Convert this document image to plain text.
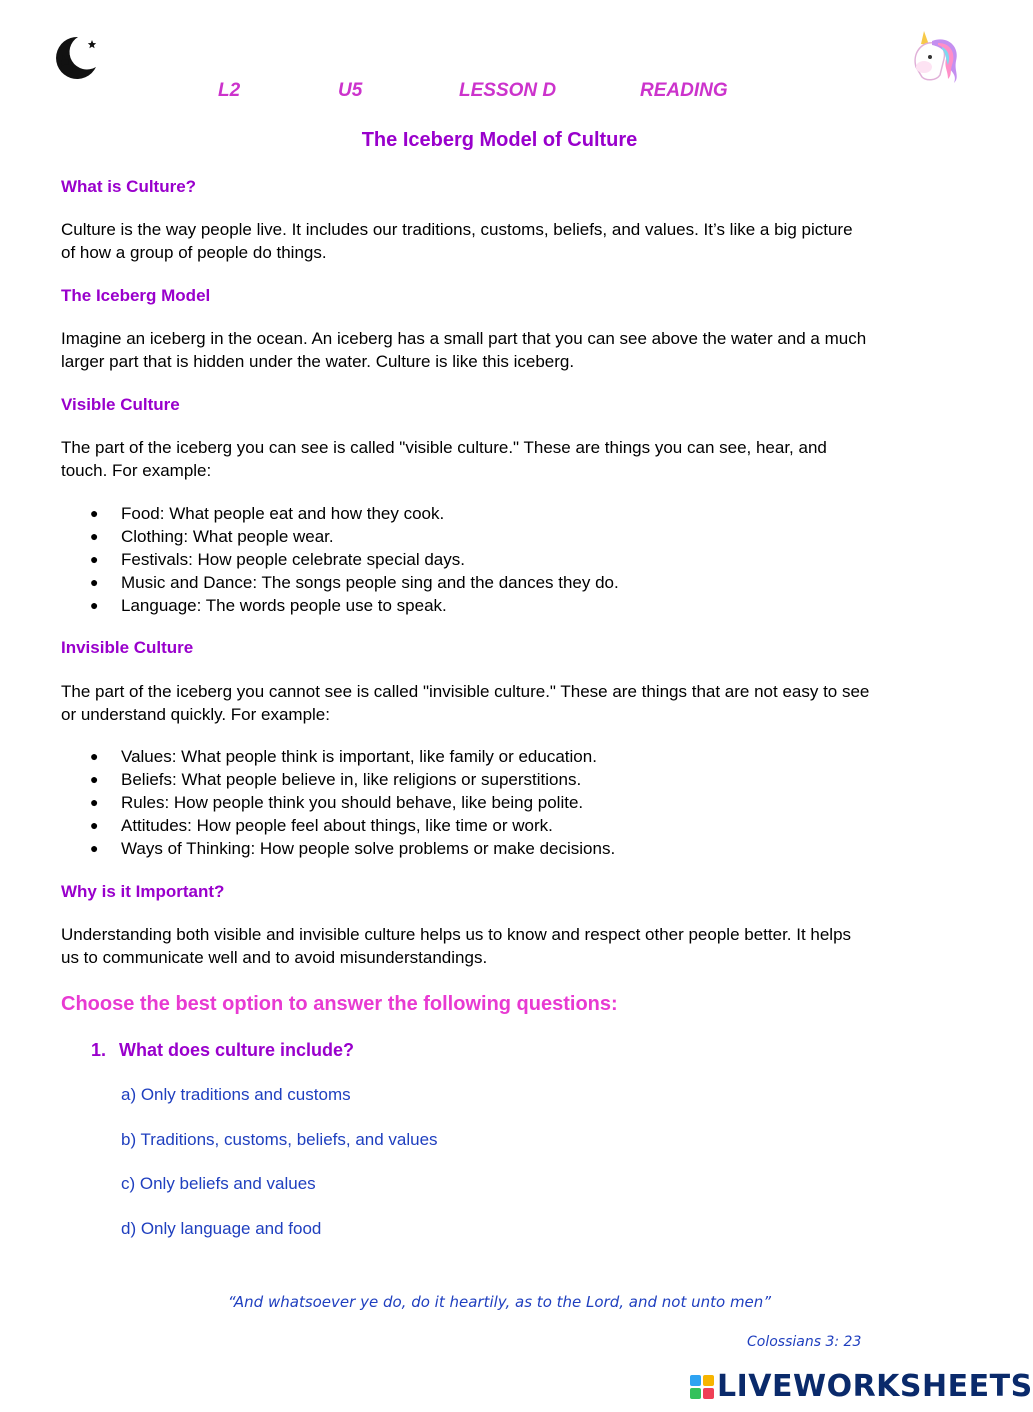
L2	U5	LESSON D	READING
The Iceberg Model of Culture
What is Culture?
Culture is the way people live. It includes our traditions, customs, beliefs, and values. It’s like a big picture
of how a group of people do things.
The Iceberg Model
Imagine an iceberg in the ocean. An iceberg has a small part that you can see above the water and a much
larger part that is hidden under the water. Culture is like this iceberg.
Visible Culture
The part of the iceberg you can see is called "visible culture." These are things you can see, hear, and
touch. For example:
● Food: What people eat and how they cook.
● Clothing: What people wear.
● Festivals: How people celebrate special days.
● Music and Dance: The songs people sing and the dances they do.
● Language: The words people use to speak.
Invisible Culture
The part of the iceberg you cannot see is called "invisible culture." These are things that are not easy to see
or understand quickly. For example:
● Values: What people think is important, like family or education.
● Beliefs: What people believe in, like religions or superstitions.
● Rules: How people think you should behave, like being polite.
● Attitudes: How people feel about things, like time or work.
● Ways of Thinking: How people solve problems or make decisions.
Why is it Important?
Understanding both visible and invisible culture helps us to know and respect other people better. It helps
us to communicate well and to avoid misunderstandings.
Choose the best option to answer the following questions:
1. What does culture include?
a) Only traditions and customs
b) Traditions, customs, beliefs, and values
c) Only beliefs and values
d) Only language and food
“And whatsoever ye do, do it heartily, as to the Lord, and not unto men”
Colossians 3: 23
LIVEWORKSHEETS
